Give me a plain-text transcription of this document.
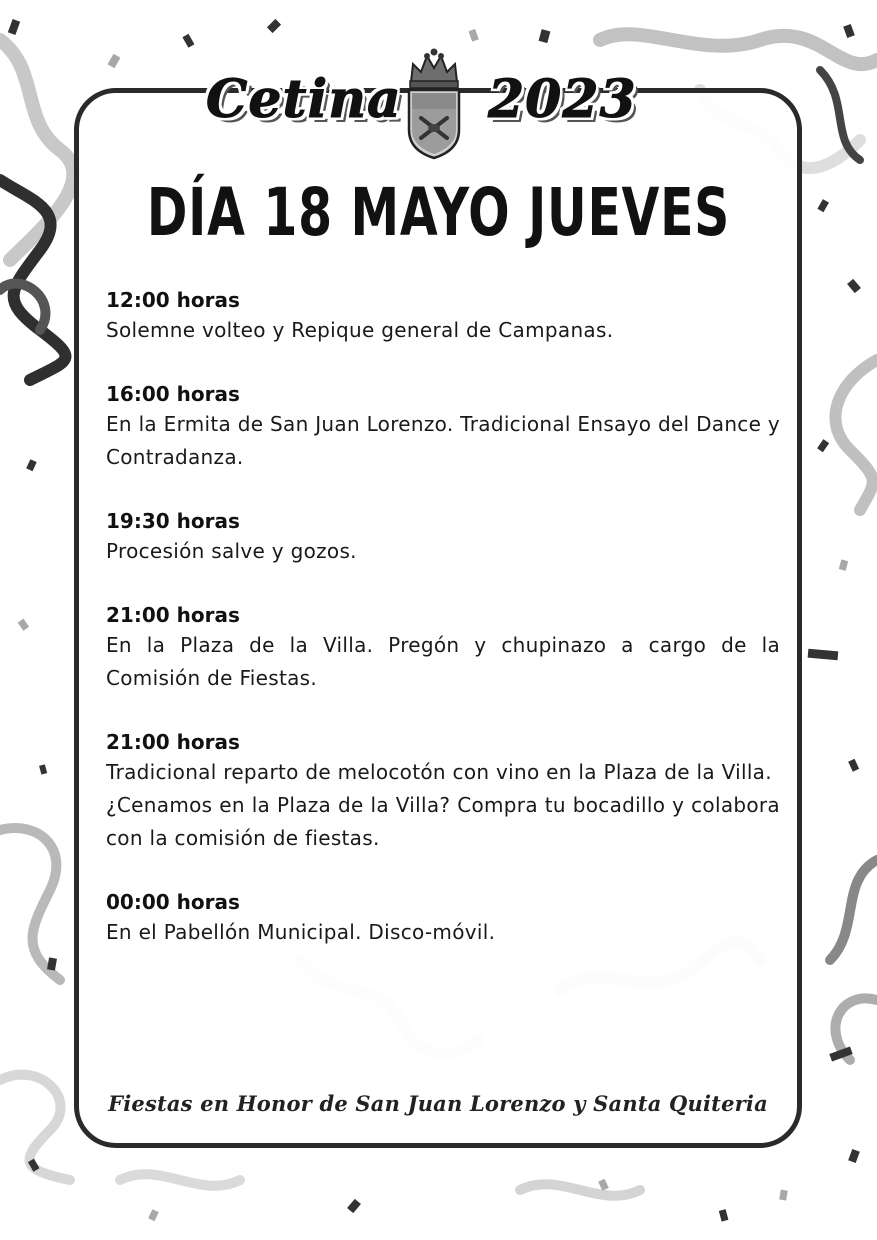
Cetina 2023
DÍA 18 MAYO JUEVES
12:00 horas

Solemne volteo y Repique general de Campanas.

16:00 horas

En la Ermita de San Juan Lorenzo. Tradicional Ensayo del Dance y Contradanza.

19:30 horas

Procesión salve y gozos.

21:00 horas

En la Plaza de la Villa. Pregón y chupinazo a cargo de la Comisión de Fiestas.

21:00 horas

Tradicional reparto de melocotón con vino en la Plaza de la Villa.

¿Cenamos en la Plaza de la Villa? Compra tu bocadillo y colabora con la comisión de fiestas.

00:00 horas

En el Pabellón Municipal. Disco-móvil.

Fiestas en Honor de San Juan Lorenzo y Santa Quiteria
